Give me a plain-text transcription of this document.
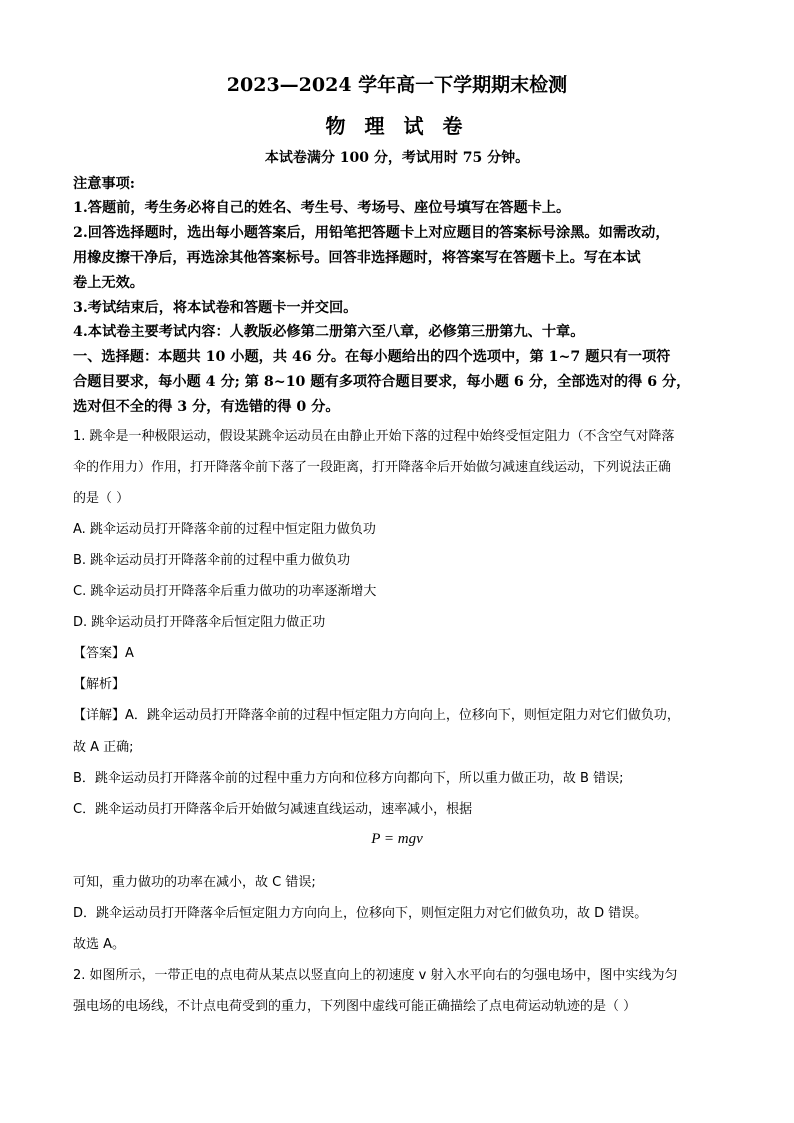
2023—2024 学年高一下学期期末检测
物 理 试 卷
本试卷满分 100 分，考试用时 75 分钟。
注意事项:
1.答题前，考生务必将自己的姓名、考生号、考场号、座位号填写在答题卡上。
2.回答选择题时，选出每小题答案后，用铅笔把答题卡上对应题目的答案标号涂黑。如需改动，
用橡皮擦干净后，再选涂其他答案标号。回答非选择题时，将答案写在答题卡上。写在本试
卷上无效。
3.考试结束后，将本试卷和答题卡一并交回。
4.本试卷主要考试内容：人教版必修第二册第六至八章，必修第三册第九、十章。
一、选择题：本题共 10 小题，共 46 分。在每小题给出的四个选项中，第 1~7 题只有一项符
合题目要求，每小题 4 分; 第 8~10 题有多项符合题目要求，每小题 6 分，全部选对的得 6 分，
选对但不全的得 3 分，有选错的得 0 分。
1. 跳伞是一种极限运动，假设某跳伞运动员在由静止开始下落的过程中始终受恒定阻力（不含空气对降落
伞的作用力）作用，打开降落伞前下落了一段距离，打开降落伞后开始做匀减速直线运动，下列说法正确
的是（ ）
A. 跳伞运动员打开降落伞前的过程中恒定阻力做负功
B. 跳伞运动员打开降落伞前的过程中重力做负功
C. 跳伞运动员打开降落伞后重力做功的功率逐渐增大
D. 跳伞运动员打开降落伞后恒定阻力做正功
【答案】A
【解析】
【详解】A．跳伞运动员打开降落伞前的过程中恒定阻力方向向上，位移向下，则恒定阻力对它们做负功，
故 A 正确;
B．跳伞运动员打开降落伞前的过程中重力方向和位移方向都向下，所以重力做正功，故 B 错误;
C．跳伞运动员打开降落伞后开始做匀减速直线运动，速率减小，根据
P = mgv
可知，重力做功的功率在减小，故 C 错误;
D．跳伞运动员打开降落伞后恒定阻力方向向上，位移向下，则恒定阻力对它们做负功，故 D 错误。
故选 A。
2. 如图所示，一带正电的点电荷从某点以竖直向上的初速度 v 射入水平向右的匀强电场中，图中实线为匀
强电场的电场线，不计点电荷受到的重力，下列图中虚线可能正确描绘了点电荷运动轨迹的是（ ）
